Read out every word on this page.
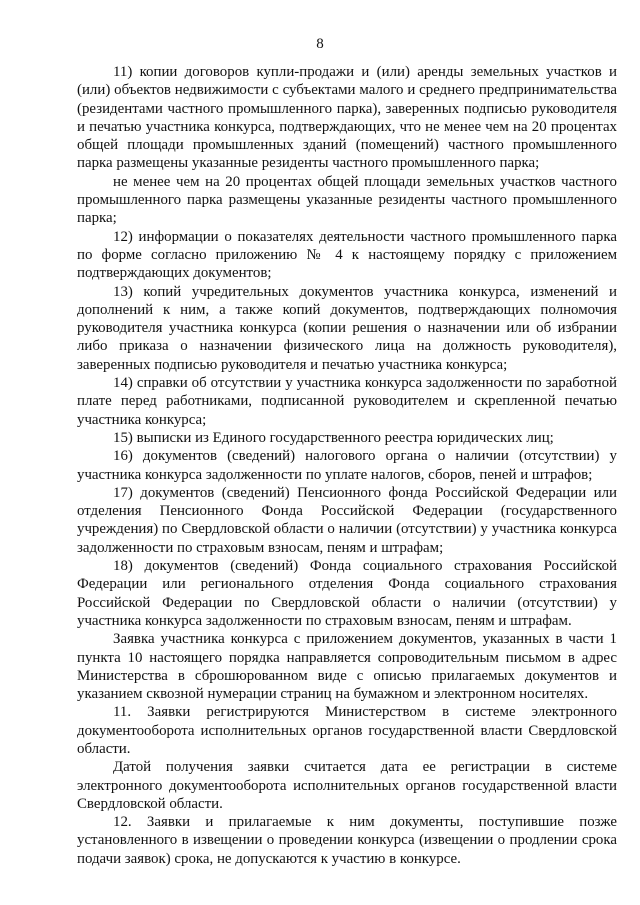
8

11) копии договоров купли-продажи и (или) аренды земельных участков и (или) объектов недвижимости с субъектами малого и среднего предпринимательства (резидентами частного промышленного парка), заверенных подписью руководителя и печатью участника конкурса, подтверждающих, что не менее чем на 20 процентах общей площади промышленных зданий (помещений) частного промышленного парка размещены указанные резиденты частного промышленного парка;

не менее чем на 20 процентах общей площади земельных участков частного промышленного парка размещены указанные резиденты частного промышленного парка;

12) информации о показателях деятельности частного промышленного парка по форме согласно приложению № 4 к настоящему порядку с приложением подтверждающих документов;

13) копий учредительных документов участника конкурса, изменений и дополнений к ним, а также копий документов, подтверждающих полномочия руководителя участника конкурса (копии решения о назначении или об избрании либо приказа о назначении физического лица на должность руководителя), заверенных подписью руководителя и печатью участника конкурса;

14) справки об отсутствии у участника конкурса задолженности по заработной плате перед работниками, подписанной руководителем и скрепленной печатью участника конкурса;

15) выписки из Единого государственного реестра юридических лиц;

16) документов (сведений) налогового органа о наличии (отсутствии) у участника конкурса задолженности по уплате налогов, сборов, пеней и штрафов;

17) документов (сведений) Пенсионного фонда Российской Федерации или отделения Пенсионного Фонда Российской Федерации (государственного учреждения) по Свердловской области о наличии (отсутствии) у участника конкурса задолженности по страховым взносам, пеням и штрафам;

18) документов (сведений) Фонда социального страхования Российской Федерации или регионального отделения Фонда социального страхования Российской Федерации по Свердловской области о наличии (отсутствии) у участника конкурса задолженности по страховым взносам, пеням и штрафам.

Заявка участника конкурса с приложением документов, указанных в части 1 пункта 10 настоящего порядка направляется сопроводительным письмом в адрес Министерства в сброшюрованном виде с описью прилагаемых документов и указанием сквозной нумерации страниц на бумажном и электронном носителях.

11. Заявки регистрируются Министерством в системе электронного документооборота исполнительных органов государственной власти Свердловской области.

Датой получения заявки считается дата ее регистрации в системе электронного документооборота исполнительных органов государственной власти Свердловской области.

12. Заявки и прилагаемые к ним документы, поступившие позже установленного в извещении о проведении конкурса (извещении о продлении срока подачи заявок) срока, не допускаются к участию в конкурсе.
